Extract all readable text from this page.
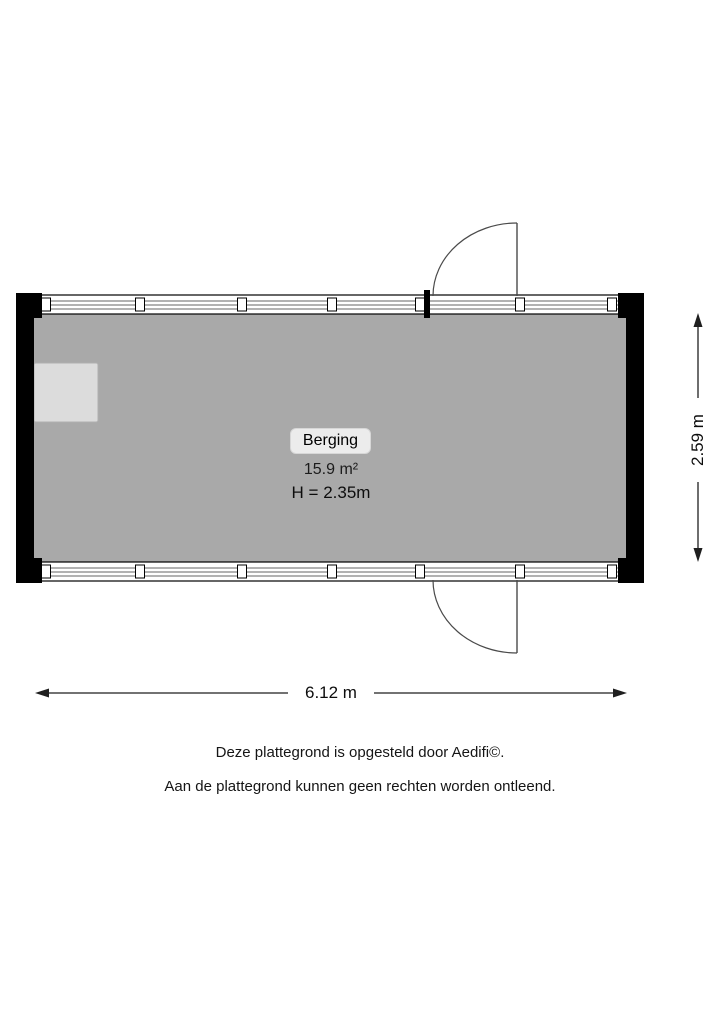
Berging
15.9 m²
H = 2.35m
6.12 m
2.59 m
Deze plattegrond is opgesteld door Aedifi©.
Aan de plattegrond kunnen geen rechten worden ontleend.
